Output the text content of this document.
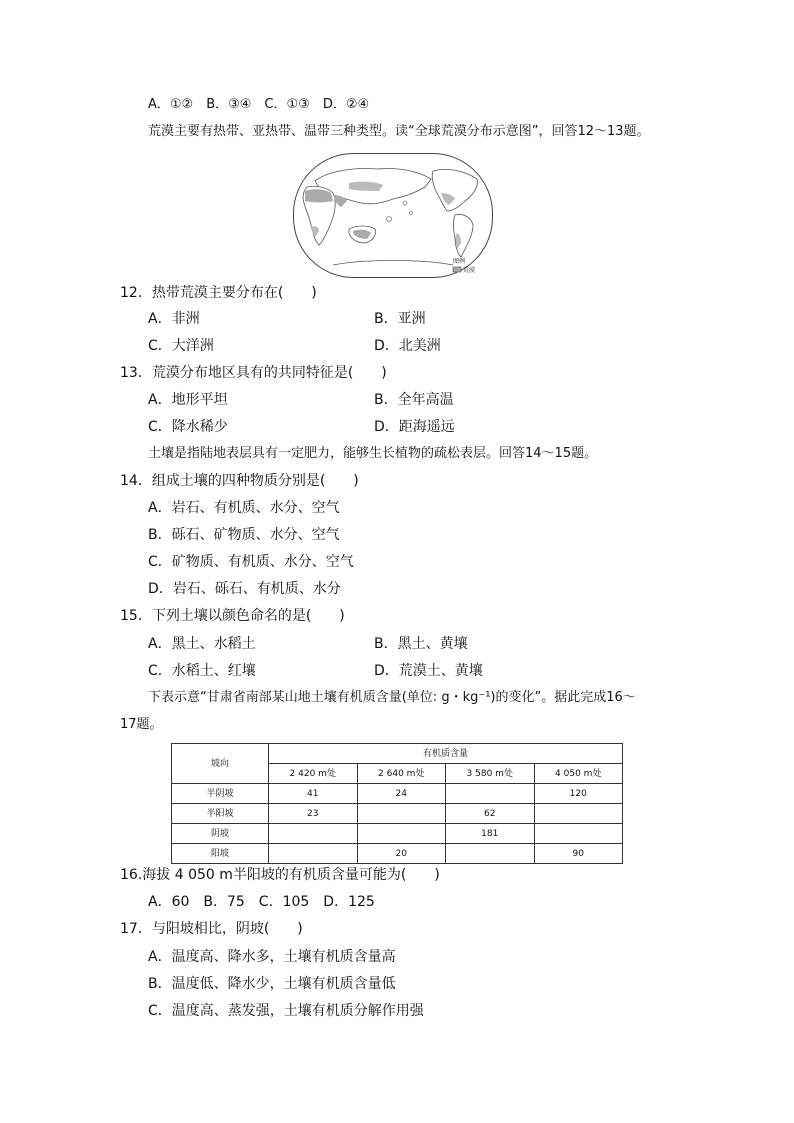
A．①②　B．③④　C．①③　D．②④
荒漠主要有热带、亚热带、温带三种类型。读“全球荒漠分布示意图”，回答12～13题。
图例
荒漠
12．热带荒漠主要分布在(　　)
A．非洲	B．亚洲
C．大洋洲	D．北美洲
13．荒漠分布地区具有的共同特征是(　　)
A．地形平坦	B．全年高温
C．降水稀少	D．距海遥远
土壤是指陆地表层具有一定肥力，能够生长植物的疏松表层。回答14～15题。
14．组成土壤的四种物质分别是(　　)
A．岩石、有机质、水分、空气
B．砾石、矿物质、水分、空气
C．矿物质、有机质、水分、空气
D．岩石、砾石、有机质、水分
15．下列土壤以颜色命名的是(　　)
A．黑土、水稻土	B．黑土、黄壤
C．水稻土、红壤	D．荒漠土、黄壤
下表示意“甘肃省南部某山地土壤有机质含量(单位: g・kg⁻¹)的变化”。据此完成16～
17题。
坡向	有机质含量			
	2 420 m处	2 640 m处	3 580 m处	4 050 m处
半阴坡	41	24		120
半阳坡	23		62	
阴坡			181	
阳坡		20		90
16.海拔 4 050 m半阳坡的有机质含量可能为(　　)
A．60　B．75　C．105　D．125
17．与阳坡相比，阴坡(　　)
A．温度高、降水多，土壤有机质含量高
B．温度低、降水少，土壤有机质含量低
C．温度高、蒸发强，土壤有机质分解作用强
